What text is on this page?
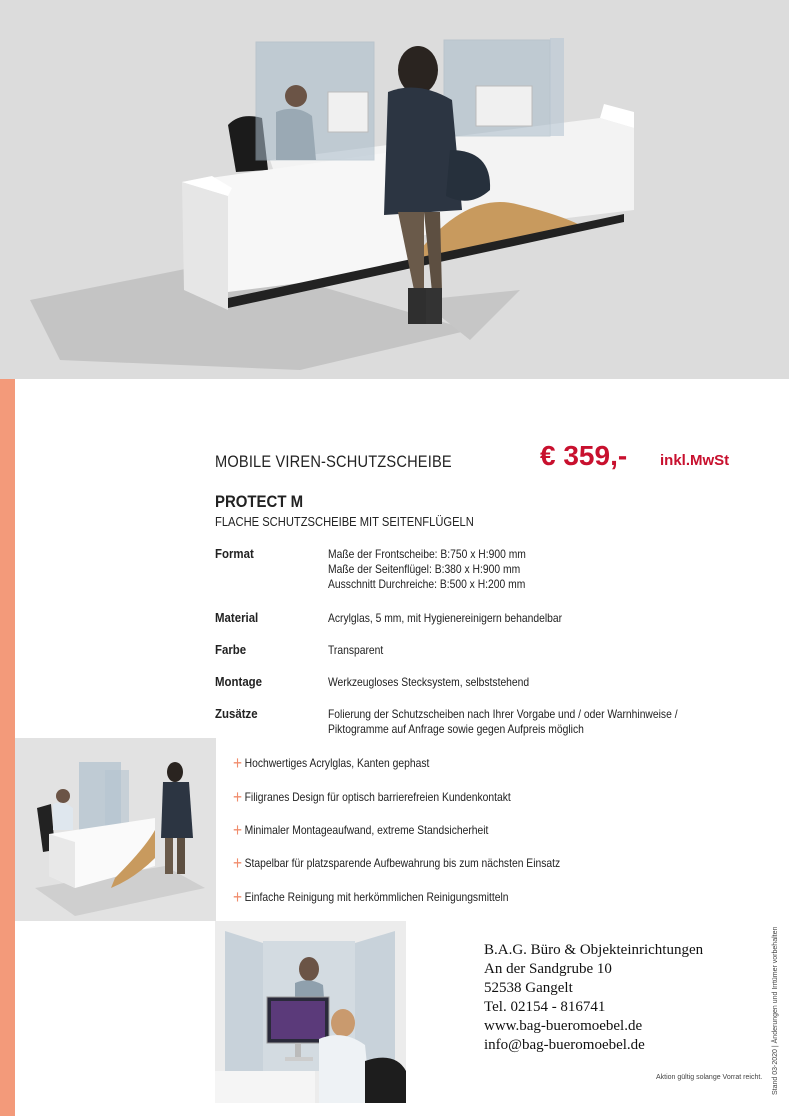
MOBILE VIREN-SCHUTZSCHEIBE	€ 359,- inkl.MwSt
PROTECT M
FLACHE SCHUTZSCHEIBE MIT SEITENFLÜGELN
Format	Maße der Frontscheibe: B:750 x H:900 mm
Maße der Seitenflügel: B:380 x H:900 mm
Ausschnitt Durchreiche: B:500 x H:200 mm
Material	Acrylglas, 5 mm, mit Hygienereinigern behandelbar
Farbe	Transparent
Montage	Werkzeugloses Stecksystem, selbststehend
Zusätze	Folierung der Schutzscheiben nach Ihrer Vorgabe und / oder Warnhinweise /
Piktogramme auf Anfrage sowie gegen Aufpreis möglich
+ Hochwertiges Acrylglas, Kanten gephast
+ Filigranes Design für optisch barrierefreien Kundenkontakt
+ Minimaler Montageaufwand, extreme Standsicherheit
+ Stapelbar für platzsparende Aufbewahrung bis zum nächsten Einsatz
+ Einfache Reinigung mit herkömmlichen Reinigungsmitteln
B.A.G. Büro & Objekteinrichtungen
An der Sandgrube 10
52538 Gangelt
Tel. 02154 - 816741
www.bag-bueromoebel.de
info@bag-bueromoebel.de
Aktion gültig solange Vorrat reicht. Stand 03-2020 | Änderungen und Irrtümer vorbehalten
